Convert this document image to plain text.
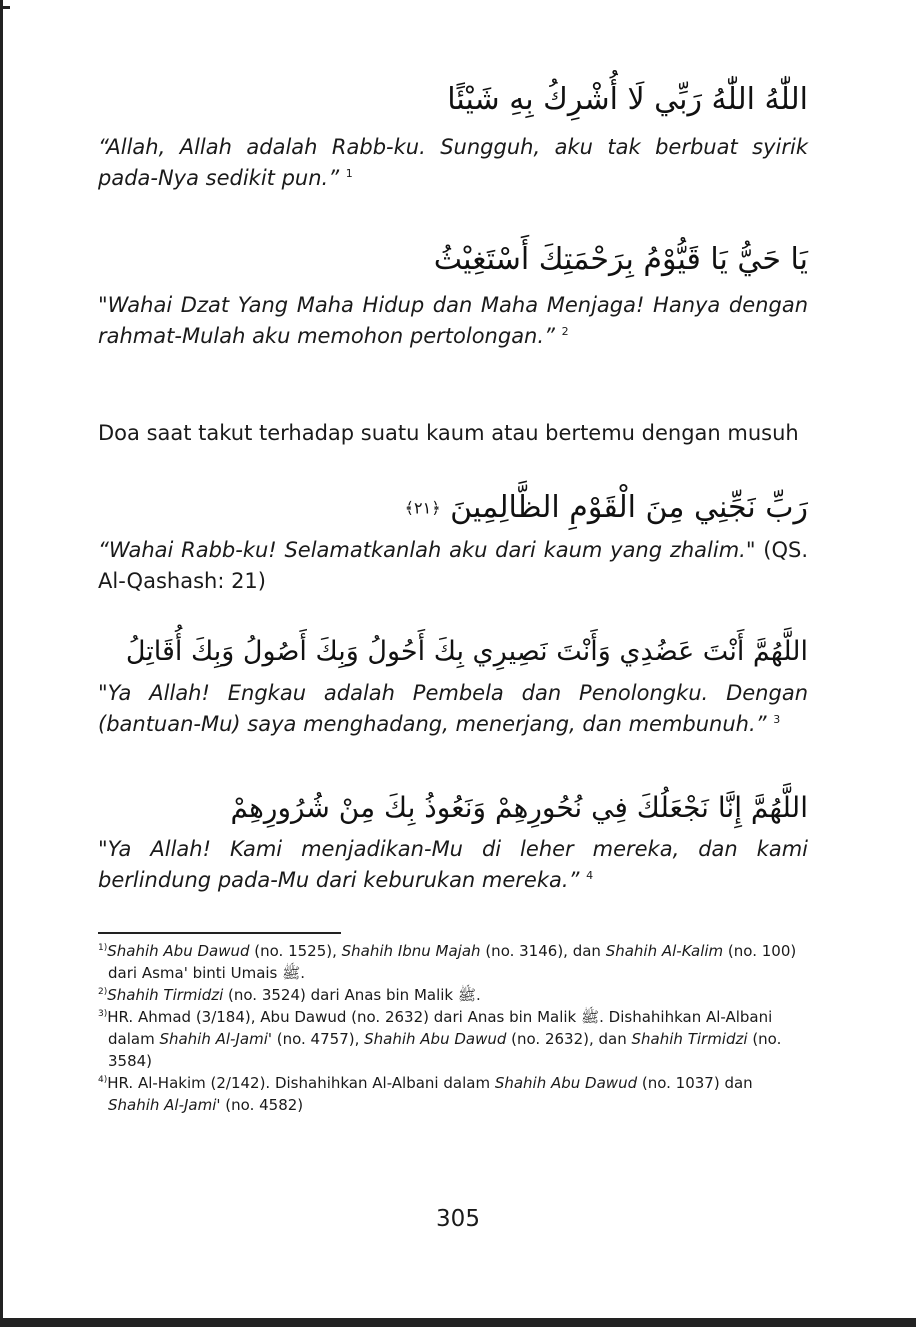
اللّٰهُ اللّٰهُ رَبِّي لَا أُشْرِكُ بِهِ شَيْئًا
“Allah, Allah adalah Rabb-ku. Sungguh, aku tak berbuat syirik pada-Nya sedikit pun.” $^1$
يَا حَيُّ يَا قَيُّوْمُ بِرَحْمَتِكَ أَسْتَغِيْثُ
"Wahai Dzat Yang Maha Hidup dan Maha Menjaga! Hanya dengan rahmat-Mulah aku memohon pertolongan.” $^2$
Doa saat takut terhadap suatu kaum atau bertemu dengan musuh
رَبِّ نَجِّنِي مِنَ الْقَوْمِ الظَّالِمِينَ ﴿٢١﴾
“Wahai Rabb-ku! Selamatkanlah aku dari kaum yang zhalim." (QS. Al-Qashash: 21)
اللَّهُمَّ أَنْتَ عَضُدِي وَأَنْتَ نَصِيرِي بِكَ أَحُولُ وَبِكَ أَصُولُ وَبِكَ أُقَاتِلُ
"Ya Allah! Engkau adalah Pembela dan Penolongku. Dengan (bantuan-Mu) saya menghadang, menerjang, dan membunuh.” $^3$
اللَّهُمَّ إِنَّا نَجْعَلُكَ فِي نُحُورِهِمْ وَنَعُوذُ بِكَ مِنْ شُرُورِهِمْ
"Ya Allah! Kami menjadikan-Mu di leher mereka, dan kami berlindung pada-Mu dari keburukan mereka.” $^4$

$^{1)}$Shahih Abu Dawud (no. 1525), Shahih Ibnu Majah (no. 3146), dan Shahih Al-Kalim (no. 100) dari Asma' binti Umais ﷺ.

$^{2)}$Shahih Tirmidzi (no. 3524) dari Anas bin Malik ﷺ.

$^{3)}$HR. Ahmad (3/184), Abu Dawud (no. 2632) dari Anas bin Malik ﷺ. Dishahihkan Al-Albani dalam Shahih Al-Jami' (no. 4757), Shahih Abu Dawud (no. 2632), dan Shahih Tirmidzi (no. 3584)

$^{4)}$HR. Al-Hakim (2/142). Dishahihkan Al-Albani dalam Shahih Abu Dawud (no. 1037) dan Shahih Al-Jami' (no. 4582)

305
